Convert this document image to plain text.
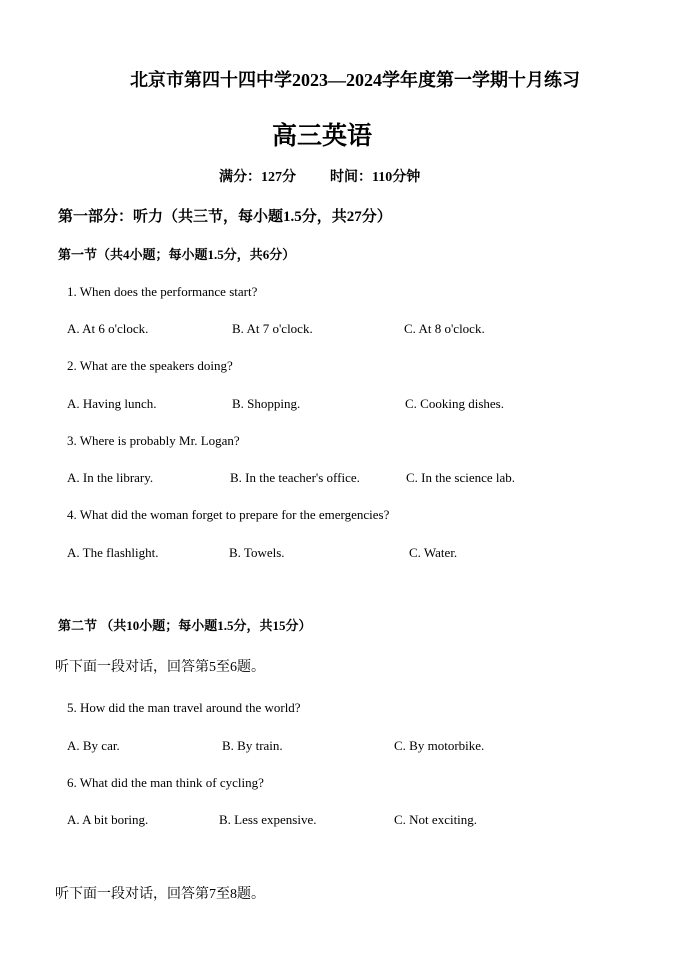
北京市第四十四中学2023—2024学年度第一学期十月练习
高三英语
满分：127分 时间：110分钟
第一部分：听力（共三节，每小题1.5分，共27分）
第一节（共4小题；每小题1.5分，共6分）
1. When does the performance start?
A. At 6 o'clock.	B. At 7 o'clock.	C. At 8 o'clock.
2. What are the speakers doing?
A. Having lunch.	B. Shopping.	C. Cooking dishes.
3. Where is probably Mr. Logan?
A. In the library.	B. In the teacher's office.	C. In the science lab.
4. What did the woman forget to prepare for the emergencies?
A. The flashlight.	B. Towels.	C. Water.
第二节 （共10小题；每小题1.5分，共15分）
听下面一段对话，回答第5至6题。
5. How did the man travel around the world?
A. By car.	B. By train.	C. By motorbike.
6. What did the man think of cycling?
A. A bit boring.	B. Less expensive.	C. Not exciting.
听下面一段对话，回答第7至8题。
